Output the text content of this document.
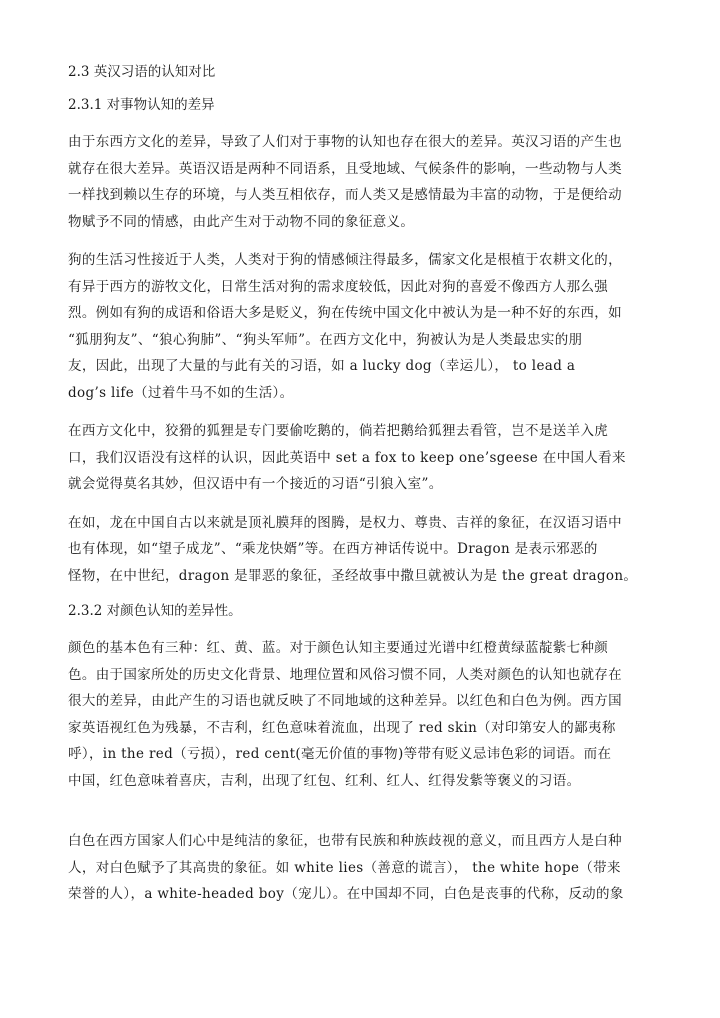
2.3 英汉习语的认知对比

2.3.1 对事物认知的差异

由于东西方文化的差异，导致了人们对于事物的认知也存在很大的差异。英汉习语的产生也
就存在很大差异。英语汉语是两种不同语系，且受地域、气候条件的影响，一些动物与人类
一样找到赖以生存的环境，与人类互相依存，而人类又是感情最为丰富的动物，于是便给动
物赋予不同的情感，由此产生对于动物不同的象征意义。

狗的生活习性接近于人类，人类对于狗的情感倾注得最多，儒家文化是根植于农耕文化的，
有异于西方的游牧文化，日常生活对狗的需求度较低，因此对狗的喜爱不像西方人那么强
烈。例如有狗的成语和俗语大多是贬义，狗在传统中国文化中被认为是一种不好的东西，如
“狐朋狗友”、“狼心狗肺”、“狗头军师”。在西方文化中，狗被认为是人类最忠实的朋
友，因此，出现了大量的与此有关的习语，如 a lucky dog（幸运儿）， to lead a
dog’s life（过着牛马不如的生活）。

在西方文化中，狡猾的狐狸是专门要偷吃鹅的，倘若把鹅给狐狸去看管，岂不是送羊入虎
口，我们汉语没有这样的认识，因此英语中 set a fox to keep one’sgeese 在中国人看来
就会觉得莫名其妙，但汉语中有一个接近的习语“引狼入室”。

在如，龙在中国自古以来就是顶礼膜拜的图腾，是权力、尊贵、吉祥的象征，在汉语习语中
也有体现，如“望子成龙”、“乘龙快婿”等。在西方神话传说中。Dragon 是表示邪恶的
怪物，在中世纪，dragon 是罪恶的象征，圣经故事中撒旦就被认为是 the great dragon。

2.3.2 对颜色认知的差异性。

颜色的基本色有三种：红、黄、蓝。对于颜色认知主要通过光谱中红橙黄绿蓝靛紫七种颜
色。由于国家所处的历史文化背景、地理位置和风俗习惯不同，人类对颜色的认知也就存在
很大的差异，由此产生的习语也就反映了不同地域的这种差异。以红色和白色为例。西方国
家英语视红色为残暴，不吉利，红色意味着流血，出现了 red skin（对印第安人的鄙夷称
呼），in the red（亏损），red cent(毫无价值的事物)等带有贬义忌讳色彩的词语。而在
中国，红色意味着喜庆，吉利，出现了红包、红利、红人、红得发紫等褒义的习语。

白色在西方国家人们心中是纯洁的象征，也带有民族和种族歧视的意义，而且西方人是白种
人，对白色赋予了其高贵的象征。如 white lies（善意的谎言）， the white hope（带来
荣誉的人），a white-headed boy（宠儿）。在中国却不同，白色是丧事的代称，反动的象
